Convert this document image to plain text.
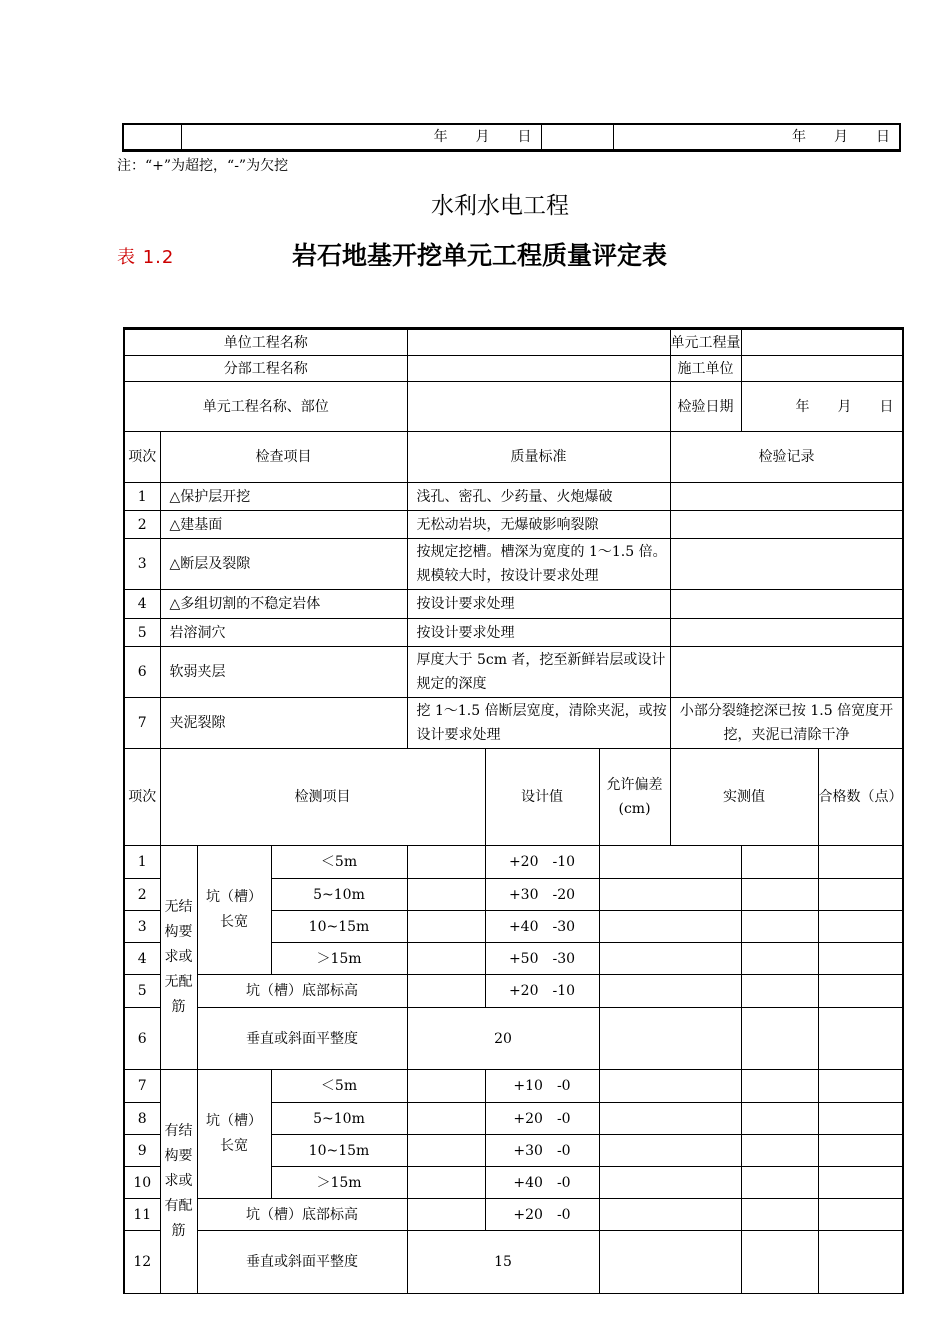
	年　　月　　日		年　　月　　日
注：“+”为超挖，“-”为欠挖
水利水电工程
表 1.2	岩石地基开挖单元工程质量评定表
单位工程名称							单元工程量			
分部工程名称							施工单位			
单元工程名称、部位							检验日期	年　　月　　日		
项次	检查项目			质量标准			检验记录			
1	△保护层开挖			浅孔、密孔、少药量、火炮爆破						
2	△建基面			无松动岩块，无爆破影响裂隙						
3	△断层及裂隙			按规定挖槽。槽深为宽度的 1～1.5 倍。规模较大时，按设计要求处理						
4	△多组切割的不稳定岩体			按设计要求处理						
5	岩溶洞穴			按设计要求处理						
6	软弱夹层			厚度大于 5cm 者，挖至新鲜岩层或设计规定的深度						
7	夹泥裂隙			挖 1～1.5 倍断层宽度，清除夹泥，或按设计要求处理			小部分裂缝挖深已按 1.5 倍宽度开挖，夹泥已清除干净			
项次	检测项目				设计值	允许偏差(cm)	实测值		合格数（点）	
1	无结构要求或无配筋	坑（槽）长宽	＜5m		+20　-10					
2			5~10m		+30　-20					
3			10~15m		+40　-30					
4			＞15m		+50　-30					
5		坑（槽）底部标高			+20　-10					
6		垂直或斜面平整度		20						
7	有结构要求或有配筋	坑（槽）长宽	＜5m		+10　-0					
8			5~10m		+20　-0					
9			10~15m		+30　-0					
10			＞15m		+40　-0					
11		坑（槽）底部标高			+20　-0					
12		垂直或斜面平整度		15						
